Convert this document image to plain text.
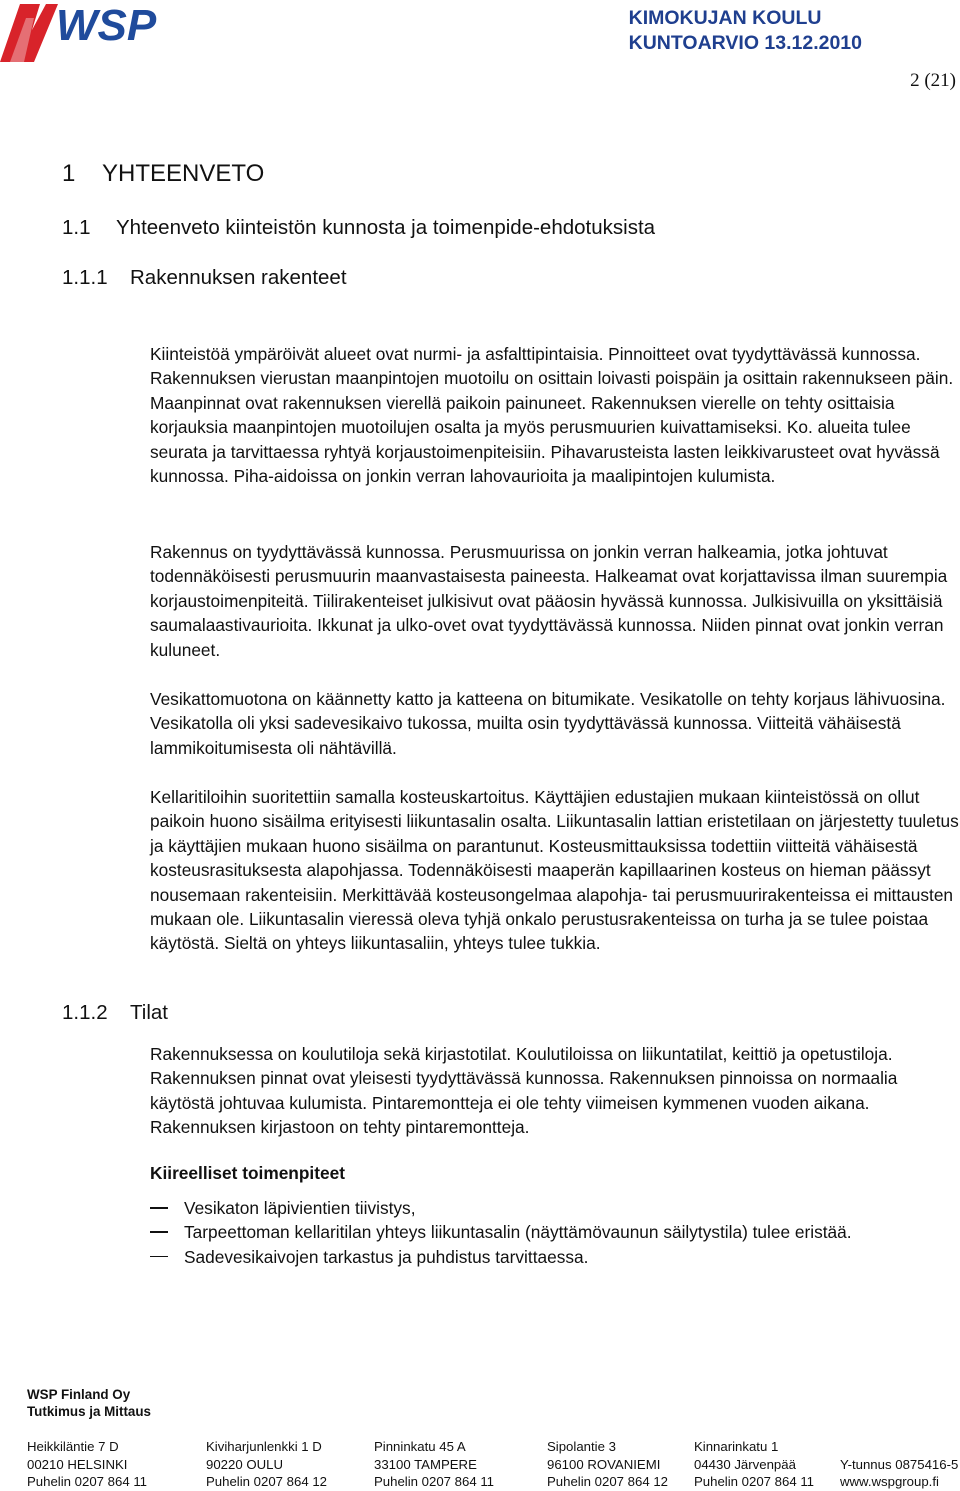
WSP	KIMOKUJAN KOULU
KUNTOARVIO 13.12.2010
2 (21)
1 YHTEENVETO
1.1 Yhteenveto kiinteistön kunnosta ja toimenpide-ehdotuksista
1.1.1 Rakennuksen rakenteet

Kiinteistöä ympäröivät alueet ovat nurmi- ja asfalttipintaisia. Pinnoitteet ovat tyydyttävässä kunnossa. Rakennuksen vierustan maanpintojen muotoilu on osittain loivasti poispäin ja osittain rakennukseen päin. Maanpinnat ovat rakennuksen vierellä paikoin painuneet. Rakennuksen vierelle on tehty osittaisia korjauksia maanpintojen muotoilujen osalta ja myös perusmuurien kuivattamiseksi. Ko. alueita tulee seurata ja tarvittaessa ryhtyä korjaustoimenpiteisiin. Pihavarusteista lasten leikkivarusteet ovat hyvässä kunnossa. Piha-aidoissa on jonkin verran lahovaurioita ja maalipintojen kulumista.

Rakennus on tyydyttävässä kunnossa. Perusmuurissa on jonkin verran halkeamia, jotka johtuvat todennäköisesti perusmuurin maanvastaisesta paineesta. Halkeamat ovat korjattavissa ilman suurempia korjaustoimenpiteitä. Tiilirakenteiset julkisivut ovat pääosin hyvässä kunnossa. Julkisivuilla on yksittäisiä saumalaastivaurioita. Ikkunat ja ulko-ovet ovat tyydyttävässä kunnossa. Niiden pinnat ovat jonkin verran kuluneet.

Vesikattomuotona on käännetty katto ja katteena on bitumikate. Vesikatolle on tehty korjaus lähivuosina. Vesikatolla oli yksi sadevesikaivo tukossa, muilta osin tyydyttävässä kunnossa. Viitteitä vähäisestä lammikoitumisesta oli nähtävillä.

Kellaritiloihin suoritettiin samalla kosteuskartoitus. Käyttäjien edustajien mukaan kiinteistössä on ollut paikoin huono sisäilma erityisesti liikuntasalin osalta. Liikuntasalin lattian eristetilaan on järjestetty tuuletus ja käyttäjien mukaan huono sisäilma on parantunut. Kosteusmittauksissa todettiin viitteitä vähäisestä kosteusrasituksesta alapohjassa. Todennäköisesti maaperän kapillaarinen kosteus on hieman päässyt nousemaan rakenteisiin. Merkittävää kosteusongelmaa alapohja- tai perusmuurirakenteissa ei mittausten mukaan ole. Liikuntasalin vieressä oleva tyhjä onkalo perustusrakenteissa on turha ja se tulee poistaa käytöstä. Sieltä on yhteys liikuntasaliin, yhteys tulee tukkia.

1.1.2 Tilat

Rakennuksessa on koulutiloja sekä kirjastotilat. Koulutiloissa on liikuntatilat, keittiö ja opetustiloja. Rakennuksen pinnat ovat yleisesti tyydyttävässä kunnossa. Rakennuksen pinnoissa on normaalia käytöstä johtuvaa kulumista. Pintaremontteja ei ole tehty viimeisen kymmenen vuoden aikana. Rakennuksen kirjastoon on tehty pintaremontteja.

Kiireelliset toimenpiteet
Vesikaton läpivientien tiivistys,
Tarpeettoman kellaritilan yhteys liikuntasalin (näyttämövaunun säilytystila) tulee eristää.
Sadevesikaivojen tarkastus ja puhdistus tarvittaessa.
WSP Finland Oy
Tutkimus ja Mittaus
Heikkiläntie 7 D
00210 HELSINKI
Puhelin 0207 864 11
Kiviharjunlenkki 1 D
90220 OULU
Puhelin 0207 864 12
Pinninkatu 45 A
33100 TAMPERE
Puhelin 0207 864 11
Sipolantie 3
96100 ROVANIEMI
Puhelin 0207 864 12
Kinnarinkatu 1
04430 Järvenpää
Puhelin 0207 864 11

Y-tunnus 0875416-5
www.wspgroup.fi
